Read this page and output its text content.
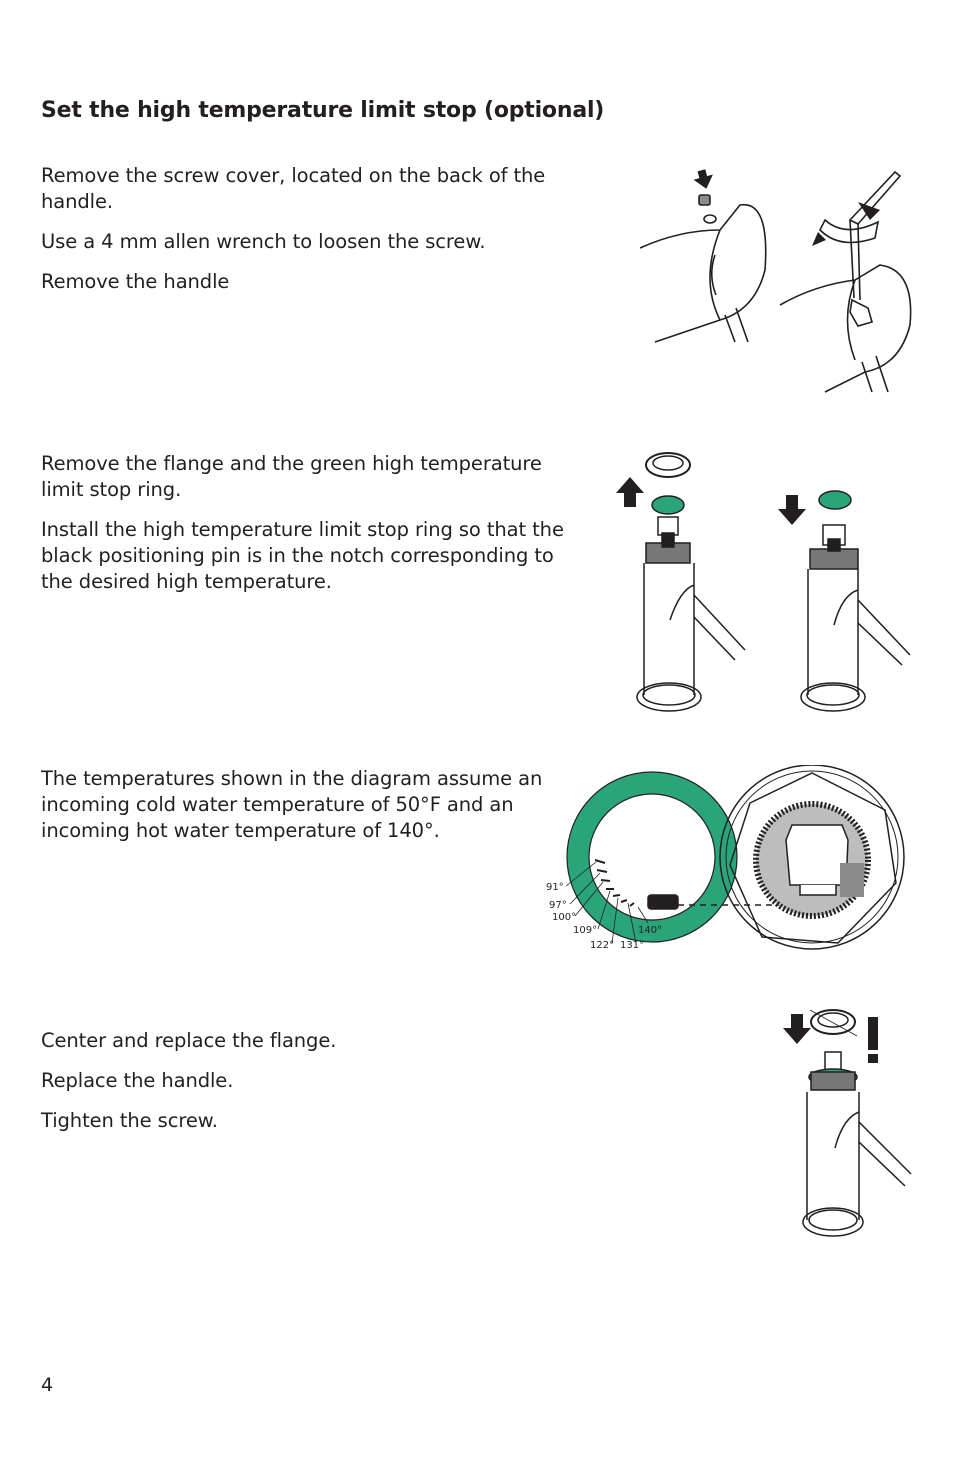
Set the high temperature limit stop (optional)

Remove the screw cover, located on the back of the handle.

Use a 4 mm allen wrench to loosen the screw.

Remove the handle

Remove the flange and the green high temperature limit stop ring.

Install the high temperature limit stop ring so that the black positioning pin is in the notch corresponding to the desired high temperature.

The temperatures shown in the diagram assume an incoming cold water temperature of 50°F and an incoming hot water temperature of 140°.

91°
97°
100°
109°
122° 131°
140°

Center and replace the flange.

Replace the handle.

Tighten the screw.

4
